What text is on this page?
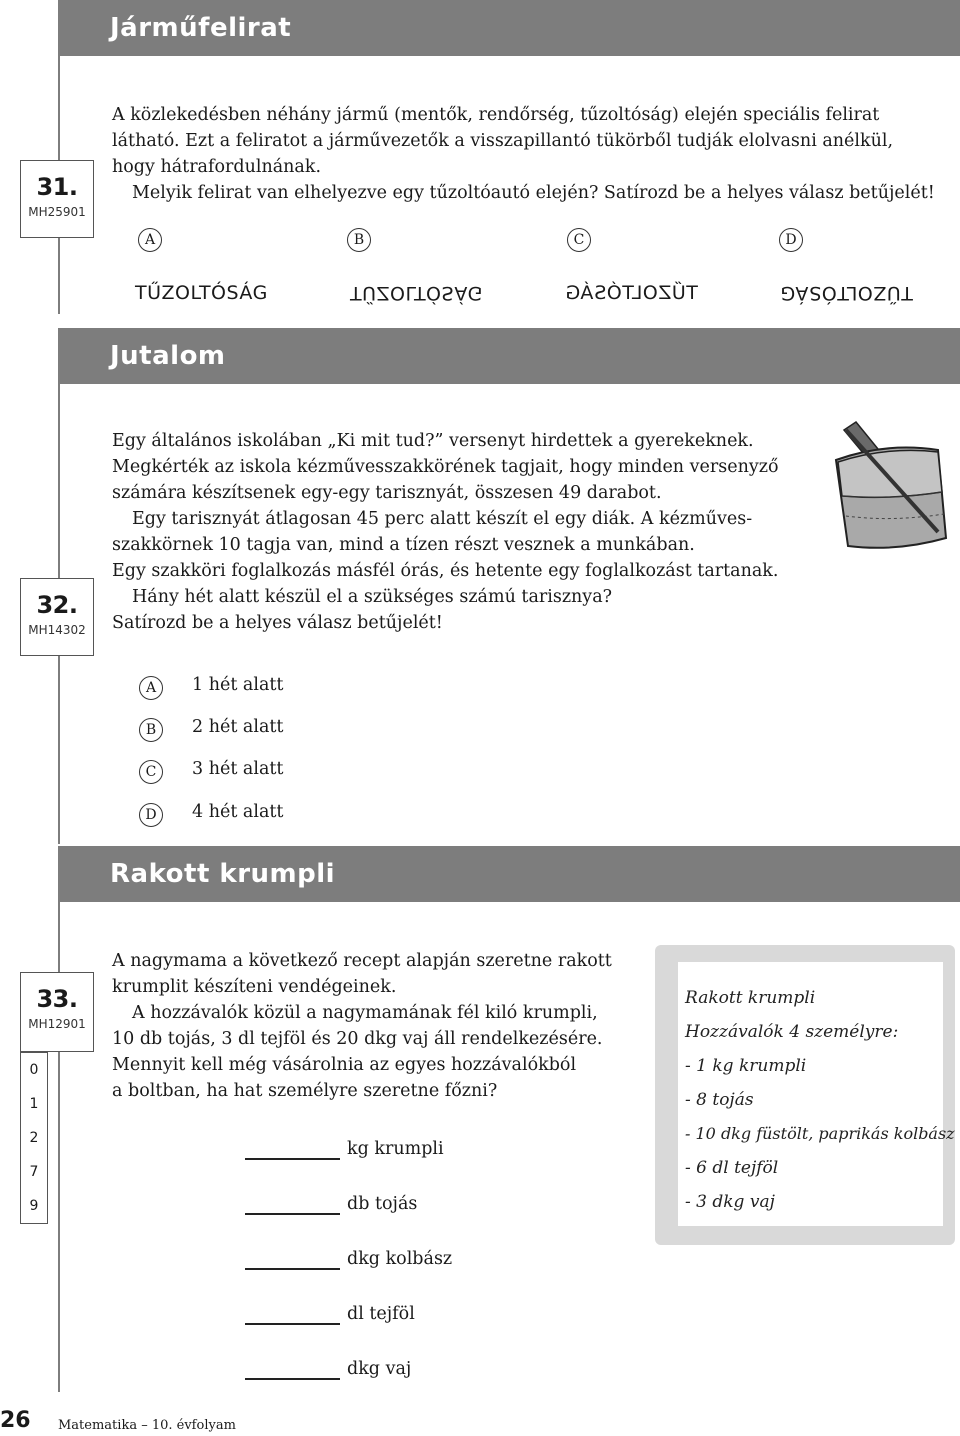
Járműfelirat
31.
MH25901

A közlekedésben néhány jármű (mentők, rendőrség, tűzoltóság) elején speciális felirat

látható. Ezt a feliratot a járművezetők a visszapillantó tükörből tudják elolvasni anélkül,

hogy hátrafordulnának.

Melyik felirat van elhelyezve egy tűzoltóautó elején? Satírozd be a helyes válasz betűjelét!

A	B	C	D
TŰZOLTÓSÁG	TŰZOLTÓSÁG	TŰZOLTÓSÁG	TŰZOLTÓSÁG
Jutalom
32.
MH14302

Egy általános iskolában „Ki mit tud?” versenyt hirdettek a gyerekeknek.

Megkérték az iskola kézművesszakkörének tagjait, hogy minden versenyző

számára készítsenek egy-egy tarisznyát, összesen 49 darabot.

Egy tarisznyát átlagosan 45 perc alatt készít el egy diák. A kézműves-

szakkörnek 10 tagja van, mind a tízen részt vesznek a munkában.

Egy szakköri foglalkozás másfél órás, és hetente egy foglalkozást tartanak.

Hány hét alatt készül el a szükséges számú tarisznya?

Satírozd be a helyes válasz betűjelét!

A	1 hét alatt
B	2 hét alatt
C	3 hét alatt
D	4 hét alatt
Rakott krumpli
33.
MH12901
0
1
2
7
9

A nagymama a következő recept alapján szeretne rakott

krumplit készíteni vendégeinek.

A hozzávalók közül a nagymamának fél kiló krumpli,

10 db tojás, 3 dl tejföl és 20 dkg vaj áll rendelkezésére.

Mennyit kell még vásárolnia az egyes hozzávalókból

a boltban, ha hat személyre szeretne főzni?

kg krumpli
db tojás
dkg kolbász
dl tejföl
dkg vaj
Rakott krumpli
Hozzávalók 4 személyre:
- 1 kg krumpli
- 8 tojás
- 10 dkg füstölt, paprikás kolbász
- 6 dl tejföl
- 3 dkg vaj
26	Matematika – 10. évfolyam
